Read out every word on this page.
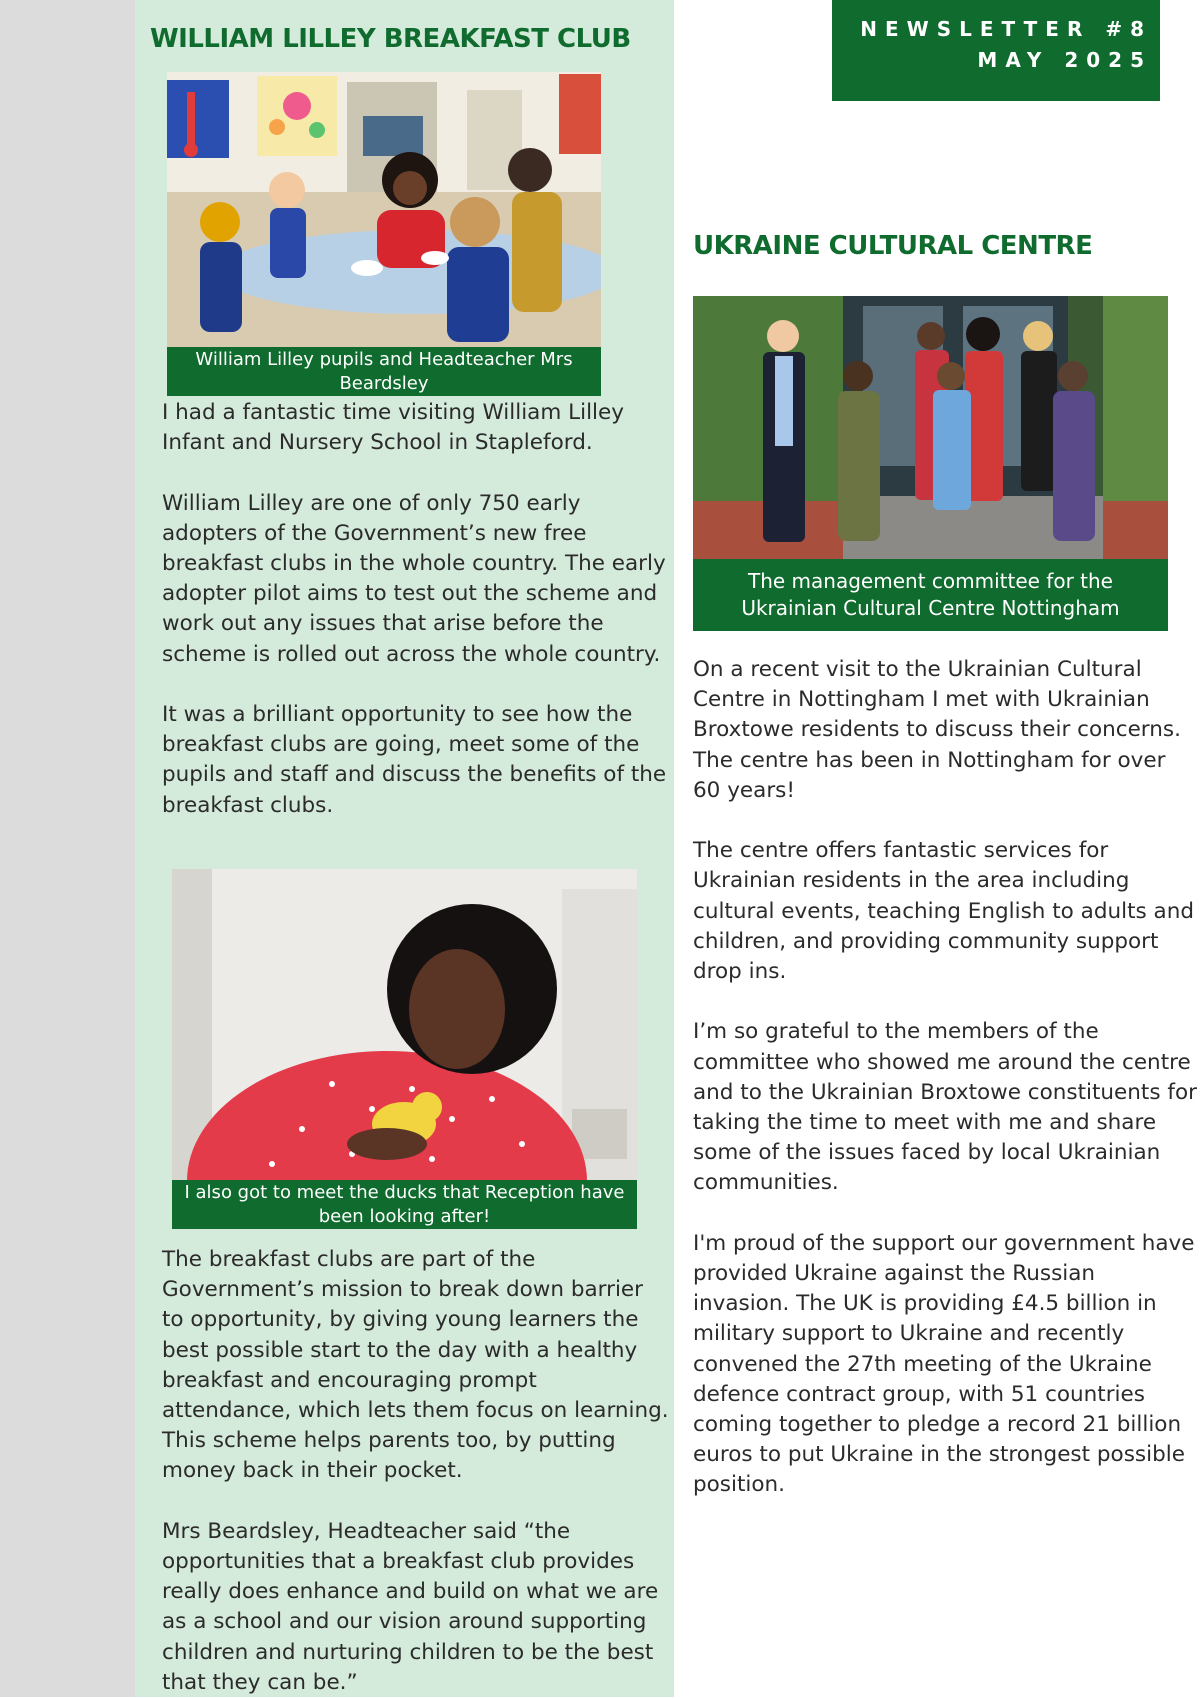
NEWSLETTER #8
MAY 2025
WILLIAM LILLEY BREAKFAST CLUB
William Lilley pupils and Headteacher Mrs Beardsley

I had a fantastic time visiting William Lilley Infant and Nursery School in Stapleford.

William Lilley are one of only 750 early adopters of the Government’s new free breakfast clubs in the whole country. The early adopter pilot aims to test out the scheme and work out any issues that arise before the scheme is rolled out across the whole country.

It was a brilliant opportunity to see how the breakfast clubs are going, meet some of the pupils and staff and discuss the benefits of the breakfast clubs.

I also got to meet the ducks that Reception have been looking after!

The breakfast clubs are part of the Government’s mission to break down barrier to opportunity, by giving young learners the best possible start to the day with a healthy breakfast and encouraging prompt attendance, which lets them focus on learning. This scheme helps parents too, by putting money back in their pocket.

Mrs Beardsley, Headteacher said “the opportunities that a breakfast club provides really does enhance and build on what we are as a school and our vision around supporting children and nurturing children to be the best that they can be.”

UKRAINE CULTURAL CENTRE
The management committee for the Ukrainian Cultural Centre Nottingham

On a recent visit to the Ukrainian Cultural Centre in Nottingham I met with Ukrainian Broxtowe residents to discuss their concerns. The centre has been in Nottingham for over 60 years!

The centre offers fantastic services for Ukrainian residents in the area including cultural events, teaching English to adults and children, and providing community support drop ins.

I’m so grateful to the members of the committee who showed me around the centre and to the Ukrainian Broxtowe constituents for taking the time to meet with me and share some of the issues faced by local Ukrainian communities.

I'm proud of the support our government have provided Ukraine against the Russian invasion. The UK is providing £4.5 billion in military support to Ukraine and recently convened the 27th meeting of the Ukraine defence contract group, with 51 countries coming together to pledge a record 21 billion euros to put Ukraine in the strongest possible position.
